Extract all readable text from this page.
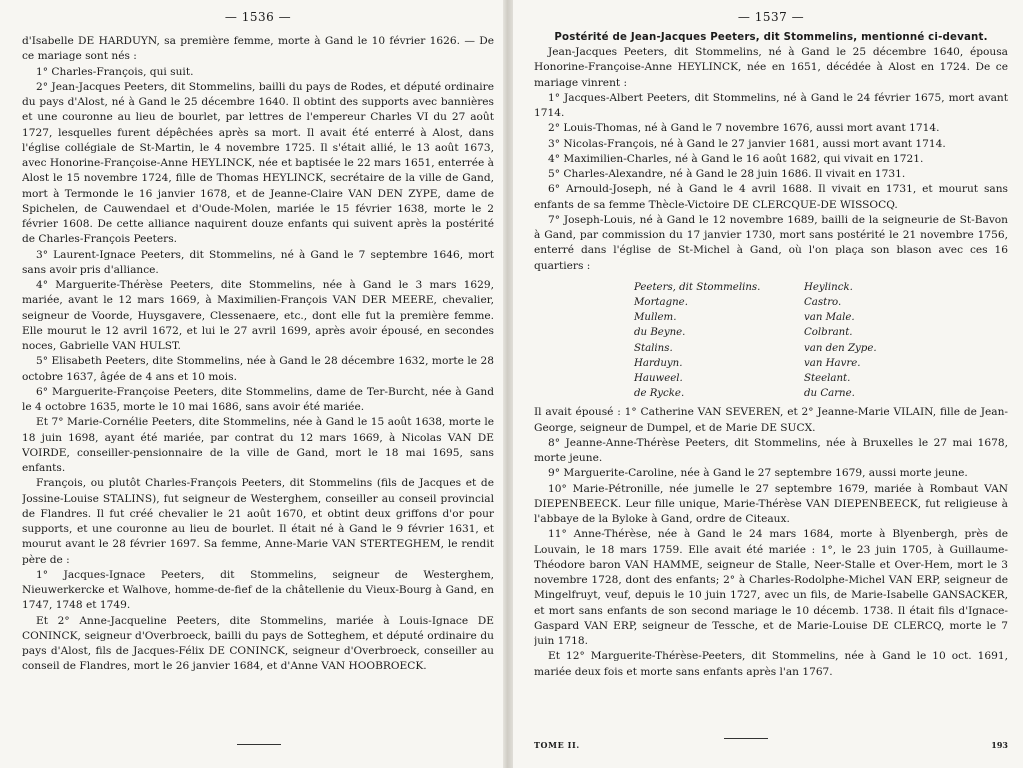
— 1536 —

d'Isabelle DE HARDUYN, sa première femme, morte à Gand le 10 février 1626. — De ce mariage sont nés :

1° Charles-François, qui suit.

2° Jean-Jacques Peeters, dit Stommelins, bailli du pays de Rodes, et député ordinaire du pays d'Alost, né à Gand le 25 décembre 1640. Il obtint des supports avec bannières et une couronne au lieu de bourlet, par lettres de l'empereur Charles VI du 27 août 1727, lesquelles furent dépêchées après sa mort. Il avait été enterré à Alost, dans l'église collégiale de St-Martin, le 4 novembre 1725. Il s'était allié, le 13 août 1673, avec Honorine-Françoise-Anne HEYLINCK, née et baptisée le 22 mars 1651, enterrée à Alost le 15 novembre 1724, fille de Thomas HEYLINCK, secrétaire de la ville de Gand, mort à Termonde le 16 janvier 1678, et de Jeanne-Claire VAN DEN ZYPE, dame de Spichelen, de Cauwendael et d'Oude-Molen, mariée le 15 février 1638, morte le 2 février 1608. De cette alliance naquirent douze enfants qui suivent après la postérité de Charles-François Peeters.

3° Laurent-Ignace Peeters, dit Stommelins, né à Gand le 7 septembre 1646, mort sans avoir pris d'alliance.

4° Marguerite-Thérèse Peeters, dite Stommelins, née à Gand le 3 mars 1629, mariée, avant le 12 mars 1669, à Maximilien-François VAN DER MEERE, chevalier, seigneur de Voorde, Huysgavere, Clessenaere, etc., dont elle fut la première femme. Elle mourut le 12 avril 1672, et lui le 27 avril 1699, après avoir épousé, en secondes noces, Gabrielle VAN HULST.

5° Elisabeth Peeters, dite Stommelins, née à Gand le 28 décembre 1632, morte le 28 octobre 1637, âgée de 4 ans et 10 mois.

6° Marguerite-Françoise Peeters, dite Stommelins, dame de Ter-Burcht, née à Gand le 4 octobre 1635, morte le 10 mai 1686, sans avoir été mariée.

Et 7° Marie-Cornélie Peeters, dite Stommelins, née à Gand le 15 août 1638, morte le 18 juin 1698, ayant été mariée, par contrat du 12 mars 1669, à Nicolas VAN DE VOIRDE, conseiller-pensionnaire de la ville de Gand, mort le 18 mai 1695, sans enfants.

François, ou plutôt Charles-François Peeters, dit Stommelins (fils de Jacques et de Jossine-Louise STALINS), fut seigneur de Westerghem, conseiller au conseil provincial de Flandres. Il fut créé chevalier le 21 août 1670, et obtint deux griffons d'or pour supports, et une couronne au lieu de bourlet. Il était né à Gand le 9 février 1631, et mourut avant le 28 février 1697. Sa femme, Anne-Marie VAN STERTEGHEM, le rendit père de :

1° Jacques-Ignace Peeters, dit Stommelins, seigneur de Westerghem, Nieuwerkercke et Walhove, homme-de-fief de la châtellenie du Vieux-Bourg à Gand, en 1747, 1748 et 1749.

Et 2° Anne-Jacqueline Peeters, dite Stommelins, mariée à Louis-Ignace DE CONINCK, seigneur d'Overbroeck, bailli du pays de Sotteghem, et député ordinaire du pays d'Alost, fils de Jacques-Félix DE CONINCK, seigneur d'Overbroeck, conseiller au conseil de Flandres, mort le 26 janvier 1684, et d'Anne VAN HOOBROECK.

— 1537 —
Postérité de Jean-Jacques Peeters, dit Stommelins, mentionné ci-devant.

Jean-Jacques Peeters, dit Stommelins, né à Gand le 25 décembre 1640, épousa Honorine-Françoise-Anne HEYLINCK, née en 1651, décédée à Alost en 1724. De ce mariage vinrent :

1° Jacques-Albert Peeters, dit Stommelins, né à Gand le 24 février 1675, mort avant 1714.

2° Louis-Thomas, né à Gand le 7 novembre 1676, aussi mort avant 1714.

3° Nicolas-François, né à Gand le 27 janvier 1681, aussi mort avant 1714.

4° Maximilien-Charles, né à Gand le 16 août 1682, qui vivait en 1721.

5° Charles-Alexandre, né à Gand le 28 juin 1686. Il vivait en 1731.

6° Arnould-Joseph, né à Gand le 4 avril 1688. Il vivait en 1731, et mourut sans enfants de sa femme Thècle-Victoire DE CLERCQUE-DE WISSOCQ.

7° Joseph-Louis, né à Gand le 12 novembre 1689, bailli de la seigneurie de St-Bavon à Gand, par commission du 17 janvier 1730, mort sans postérité le 21 novembre 1756, enterré dans l'église de St-Michel à Gand, où l'on plaça son blason avec ces 16 quartiers :

Peeters, dit Stommelins.	Heylinck.
Mortagne.	Castro.
Mullem.	van Male.
du Beyne.	Colbrant.
Stalins.	van den Zype.
Harduyn.	van Havre.
Hauweel.	Steelant.
de Rycke.	du Carne.

Il avait épousé : 1° Catherine VAN SEVEREN, et 2° Jeanne-Marie VILAIN, fille de Jean-George, seigneur de Dumpel, et de Marie DE SUCX.

8° Jeanne-Anne-Thérèse Peeters, dit Stommelins, née à Bruxelles le 27 mai 1678, morte jeune.

9° Marguerite-Caroline, née à Gand le 27 septembre 1679, aussi morte jeune.

10° Marie-Pétronille, née jumelle le 27 septembre 1679, mariée à Rombaut VAN DIEPENBEECK. Leur fille unique, Marie-Thérèse VAN DIEPENBEECK, fut religieuse à l'abbaye de la Byloke à Gand, ordre de Citeaux.

11° Anne-Thérèse, née à Gand le 24 mars 1684, morte à Blyenbergh, près de Louvain, le 18 mars 1759. Elle avait été mariée : 1°, le 23 juin 1705, à Guillaume-Théodore baron VAN HAMME, seigneur de Stalle, Neer-Stalle et Over-Hem, mort le 3 novembre 1728, dont des enfants; 2° à Charles-Rodolphe-Michel VAN ERP, seigneur de Mingelfruyt, veuf, depuis le 10 juin 1727, avec un fils, de Marie-Isabelle GANSACKER, et mort sans enfants de son second mariage le 10 décemb. 1738. Il était fils d'Ignace-Gaspard VAN ERP, seigneur de Tessche, et de Marie-Louise DE CLERCQ, morte le 7 juin 1718.

Et 12° Marguerite-Thérèse-Peeters, dit Stommelins, née à Gand le 10 oct. 1691, mariée deux fois et morte sans enfants après l'an 1767.

TOME II.	193
